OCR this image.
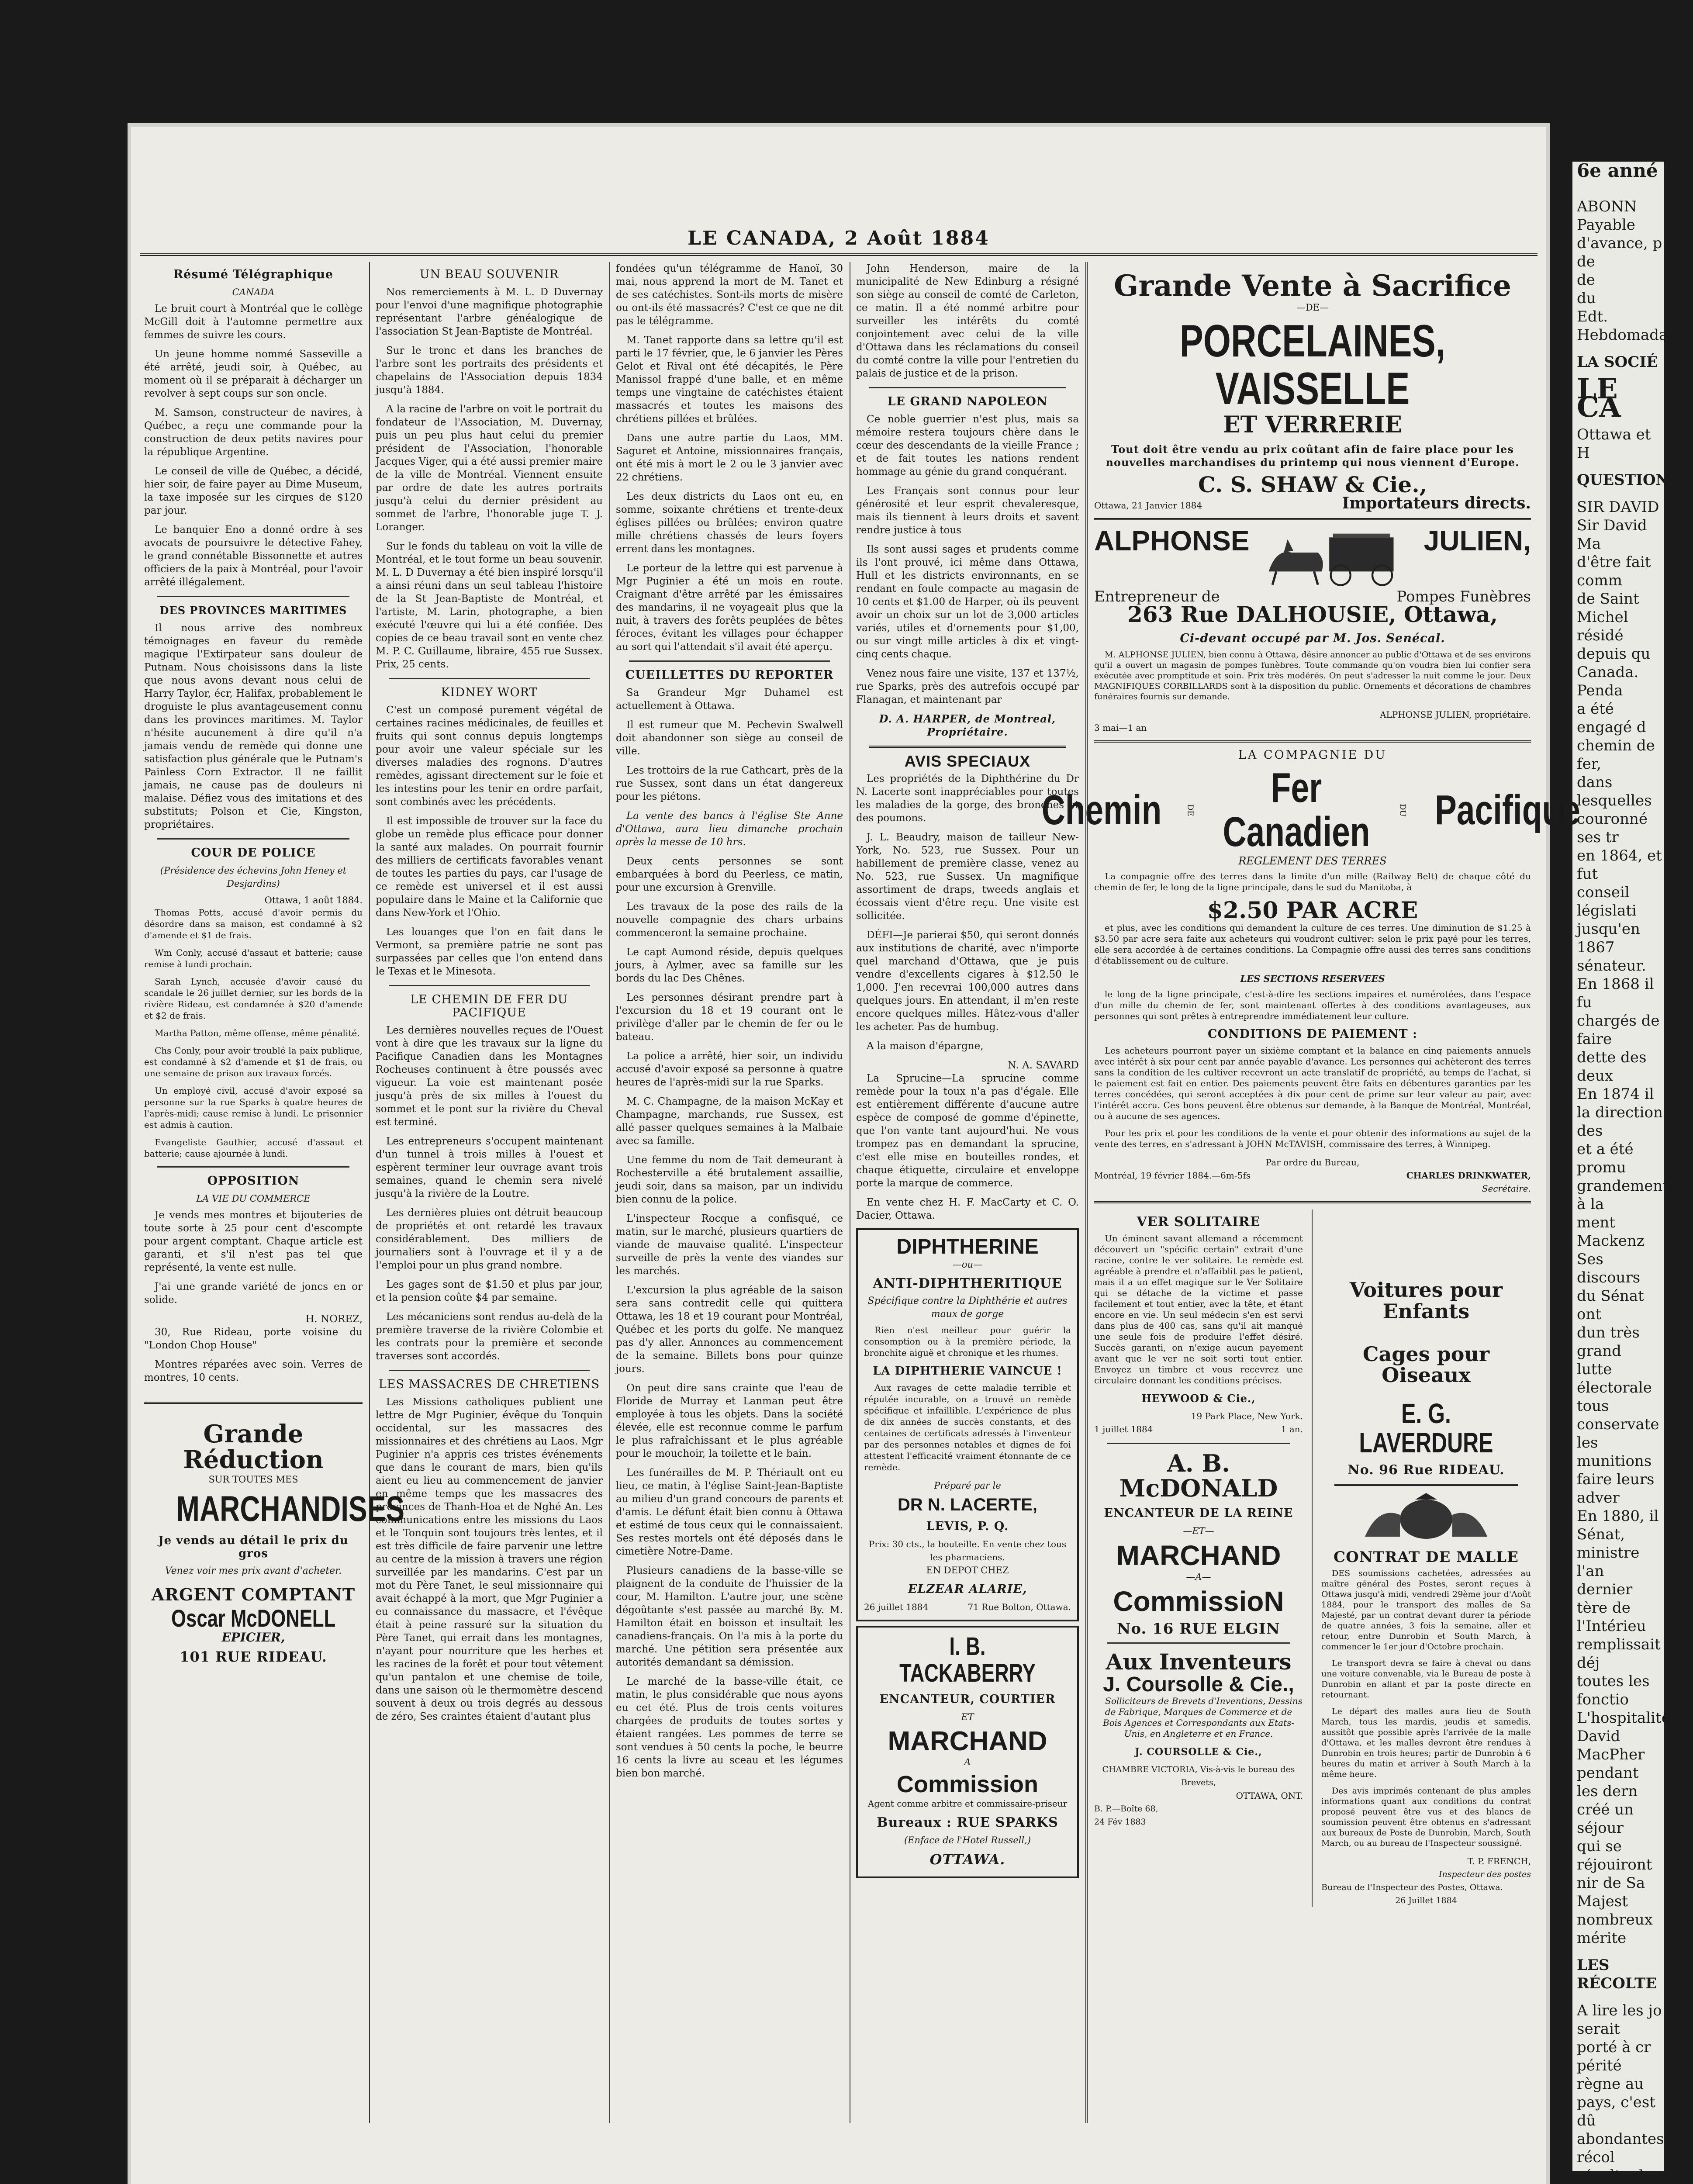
6e anné
ABONN
Payable d'avance, p
de
de
du
Edt. Hebdomadaire,
LA SOCIÉ
LE CA
Ottawa et H
QUESTION
SIR DAVID
Sir David Ma
d'être fait comm
de Saint Michel
résidé depuis qu
Canada. Penda
a été engagé d
chemin de fer,
dans lesquelles
couronné ses tr
en 1864, et fut
conseil législati
jusqu'en 1867
sénateur.
En 1868 il fu
chargés de faire
dette des deux
En 1874 il
la direction des
et a été promu
grandement à la
ment Mackenz
Ses discours
du Sénat ont
dun très grand
lutte électorale
tous conservate
les munitions
faire leurs adver
En 1880, il
Sénat, ministre
l'an dernier
tère de l'Intérieu
remplissait déj
toutes les fonctio
L'hospitalité
David MacPher
pendant les dern
créé un séjour
qui se réjouiront
nir de Sa Majest
nombreux mérite
LES RÉCOLTE
A lire les jo
serait porté à cr
périté règne au
pays, c'est dû
abondantes récol
récolte du
LE CANADA, 2 Août 1884
Résumé Télégraphique
CANADA

Le bruit court à Montréal que le collège McGill doit à l'automne permettre aux femmes de suivre les cours.

Un jeune homme nommé Sasseville a été arrêté, jeudi soir, à Québec, au moment où il se préparait à décharger un revolver à sept coups sur son oncle.

M. Samson, constructeur de navires, à Québec, a reçu une commande pour la construction de deux petits navires pour la république Argentine.

Le conseil de ville de Québec, a décidé, hier soir, de faire payer au Dime Museum, la taxe imposée sur les cirques de $120 par jour.

Le banquier Eno a donné ordre à ses avocats de poursuivre le détective Fahey, le grand connétable Bissonnette et autres officiers de la paix à Montréal, pour l'avoir arrêté illégalement.

DES PROVINCES MARITIMES

Il nous arrive des nombreux témoignages en faveur du remède magique l'Extirpateur sans douleur de Putnam. Nous choisissons dans la liste que nous avons devant nous celui de Harry Taylor, écr, Halifax, probablement le droguiste le plus avantageusement connu dans les provinces maritimes. M. Taylor n'hésite aucunement à dire qu'il n'a jamais vendu de remède qui donne une satisfaction plus générale que le Putnam's Painless Corn Extractor. Il ne faillit jamais, ne cause pas de douleurs ni malaise. Défiez vous des imitations et des substituts; Polson et Cie, Kingston, propriétaires.

COUR DE POLICE
(Présidence des échevins John Heney et Desjardins)
Ottawa, 1 août 1884.

Thomas Potts, accusé d'avoir permis du désordre dans sa maison, est condamné à $2 d'amende et $1 de frais.

Wm Conly, accusé d'assaut et batterie; cause remise à lundi prochain.

Sarah Lynch, accusée d'avoir causé du scandale le 26 juillet dernier, sur les bords de la rivière Rideau, est condamnée à $20 d'amende et $2 de frais.

Martha Patton, même offense, même pénalité.

Chs Conly, pour avoir troublé la paix publique, est condamné à $2 d'amende et $1 de frais, ou une semaine de prison aux travaux forcés.

Un employé civil, accusé d'avoir exposé sa personne sur la rue Sparks à quatre heures de l'après-midi; cause remise à lundi. Le prisonnier est admis à caution.

Evangeliste Gauthier, accusé d'assaut et batterie; cause ajournée à lundi.

OPPOSITION
LA VIE DU COMMERCE

Je vends mes montres et bijouteries de toute sorte à 25 pour cent d'escompte pour argent comptant. Chaque article est garanti, et s'il n'est pas tel que représenté, la vente est nulle.

J'ai une grande variété de joncs en or solide.

H. NOREZ,

30, Rue Rideau, porte voisine du "London Chop House"

Montres réparées avec soin. Verres de montres, 10 cents.

Grande Réduction
SUR TOUTES MES
MARCHANDISES
Je vends au détail le prix du gros
Venez voir mes prix avant d'acheter.
ARGENT COMPTANT
Oscar McDONELL
EPICIER,
101 RUE RIDEAU.
UN BEAU SOUVENIR

Nos remerciements à M. L. D Duvernay pour l'envoi d'une magnifique photographie représentant l'arbre généalogique de l'association St Jean-Baptiste de Montréal.

Sur le tronc et dans les branches de l'arbre sont les portraits des présidents et chapelains de l'Association depuis 1834 jusqu'à 1884.

A la racine de l'arbre on voit le portrait du fondateur de l'Association, M. Duvernay, puis un peu plus haut celui du premier président de l'Association, l'honorable Jacques Viger, qui a été aussi premier maire de la ville de Montréal. Viennent ensuite par ordre de date les autres portraits jusqu'à celui du dernier président au sommet de l'arbre, l'honorable juge T. J. Loranger.

Sur le fonds du tableau on voit la ville de Montréal, et le tout forme un beau souvenir. M. L. D Duvernay a été bien inspiré lorsqu'il a ainsi réuni dans un seul tableau l'histoire de la St Jean-Baptiste de Montréal, et l'artiste, M. Larin, photographe, a bien exécuté l'œuvre qui lui a été confiée. Des copies de ce beau travail sont en vente chez M. P. C. Guillaume, libraire, 455 rue Sussex. Prix, 25 cents.

KIDNEY WORT

C'est un composé purement végétal de certaines racines médicinales, de feuilles et fruits qui sont connus depuis longtemps pour avoir une valeur spéciale sur les diverses maladies des rognons. D'autres remèdes, agissant directement sur le foie et les intestins pour les tenir en ordre parfait, sont combinés avec les précédents.

Il est impossible de trouver sur la face du globe un remède plus efficace pour donner la santé aux malades. On pourrait fournir des milliers de certificats favorables venant de toutes les parties du pays, car l'usage de ce remède est universel et il est aussi populaire dans le Maine et la Californie que dans New-York et l'Ohio.

Les louanges que l'on en fait dans le Vermont, sa première patrie ne sont pas surpassées par celles que l'on entend dans le Texas et le Minesota.

LE CHEMIN DE FER DU PACIFIQUE

Les dernières nouvelles reçues de l'Ouest vont à dire que les travaux sur la ligne du Pacifique Canadien dans les Montagnes Rocheuses continuent à être poussés avec vigueur. La voie est maintenant posée jusqu'à près de six milles à l'ouest du sommet et le pont sur la rivière du Cheval est terminé.

Les entrepreneurs s'occupent maintenant d'un tunnel à trois milles à l'ouest et espèrent terminer leur ouvrage avant trois semaines, quand le chemin sera nivelé jusqu'à la rivière de la Loutre.

Les dernières pluies ont détruit beaucoup de propriétés et ont retardé les travaux considérablement. Des milliers de journaliers sont à l'ouvrage et il y a de l'emploi pour un plus grand nombre.

Les gages sont de $1.50 et plus par jour, et la pension coûte $4 par semaine.

Les mécaniciens sont rendus au-delà de la première traverse de la rivière Colombie et les contrats pour la première et seconde traverses sont accordés.

LES MASSACRES DE CHRETIENS

Les Missions catholiques publient une lettre de Mgr Puginier, évêque du Tonquin occidental, sur les massacres des missionnaires et des chrétiens au Laos. Mgr Puginier n'a appris ces tristes événements que dans le courant de mars, bien qu'ils aient eu lieu au commencement de janvier en même temps que les massacres des provinces de Thanh-Hoa et de Nghé An. Les communications entre les missions du Laos et le Tonquin sont toujours très lentes, et il est très difficile de faire parvenir une lettre au centre de la mission à travers une région surveillée par les mandarins. C'est par un mot du Père Tanet, le seul missionnaire qui avait échappé à la mort, que Mgr Puginier a eu connaissance du massacre, et l'évêque était à peine rassuré sur la situation du Père Tanet, qui errait dans les montagnes, n'ayant pour nourriture que les herbes et les racines de la forêt et pour tout vêtement qu'un pantalon et une chemise de toile, dans une saison où le thermomètre descend souvent à deux ou trois degrés au dessous de zéro, Ses craintes étaient d'autant plus

fondées qu'un télégramme de Hanoï, 30 mai, nous apprend la mort de M. Tanet et de ses catéchistes. Sont-ils morts de misère ou ont-ils été massacrés? C'est ce que ne dit pas le télégramme.

M. Tanet rapporte dans sa lettre qu'il est parti le 17 février, que, le 6 janvier les Pères Gelot et Rival ont été décapités, le Père Manissol frappé d'une balle, et en même temps une vingtaine de catéchistes étaient massacrés et toutes les maisons des chrétiens pillées et brûlées.

Dans une autre partie du Laos, MM. Saguret et Antoine, missionnaires français, ont été mis à mort le 2 ou le 3 janvier avec 22 chrétiens.

Les deux districts du Laos ont eu, en somme, soixante chrétiens et trente-deux églises pillées ou brûlées; environ quatre mille chrétiens chassés de leurs foyers errent dans les montagnes.

Le porteur de la lettre qui est parvenue à Mgr Puginier a été un mois en route. Craignant d'être arrêté par les émissaires des mandarins, il ne voyageait plus que la nuit, à travers des forêts peuplées de bêtes féroces, évitant les villages pour échapper au sort qui l'attendait s'il avait été aperçu.

CUEILLETTES DU REPORTER

Sa Grandeur Mgr Duhamel est actuellement à Ottawa.

Il est rumeur que M. Pechevin Swalwell doit abandonner son siège au conseil de ville.

Les trottoirs de la rue Cathcart, près de la rue Sussex, sont dans un état dangereux pour les piétons.

La vente des bancs à l'église Ste Anne d'Ottawa, aura lieu dimanche prochain après la messe de 10 hrs.

Deux cents personnes se sont embarquées à bord du Peerless, ce matin, pour une excursion à Grenville.

Les travaux de la pose des rails de la nouvelle compagnie des chars urbains commenceront la semaine prochaine.

Le capt Aumond réside, depuis quelques jours, à Aylmer, avec sa famille sur les bords du lac Des Chênes.

Les personnes désirant prendre part à l'excursion du 18 et 19 courant ont le privilège d'aller par le chemin de fer ou le bateau.

La police a arrêté, hier soir, un individu accusé d'avoir exposé sa personne à quatre heures de l'après-midi sur la rue Sparks.

M. C. Champagne, de la maison McKay et Champagne, marchands, rue Sussex, est allé passer quelques semaines à la Malbaie avec sa famille.

Une femme du nom de Tait demeurant à Rochesterville a été brutalement assaillie, jeudi soir, dans sa maison, par un individu bien connu de la police.

L'inspecteur Rocque a confisqué, ce matin, sur le marché, plusieurs quartiers de viande de mauvaise qualité. L'inspecteur surveille de près la vente des viandes sur les marchés.

L'excursion la plus agréable de la saison sera sans contredit celle qui quittera Ottawa, les 18 et 19 courant pour Montréal, Québec et les ports du golfe. Ne manquez pas d'y aller. Annonces au commencement de la semaine. Billets bons pour quinze jours.

On peut dire sans crainte que l'eau de Floride de Murray et Lanman peut être employée à tous les objets. Dans la société élevée, elle est reconnue comme le parfum le plus rafraîchissant et le plus agréable pour le mouchoir, la toilette et le bain.

Les funérailles de M. P. Thériault ont eu lieu, ce matin, à l'église Saint-Jean-Baptiste au milieu d'un grand concours de parents et d'amis. Le défunt était bien connu à Ottawa et estimé de tous ceux qui le connaissaient. Ses restes mortels ont été déposés dans le cimetière Notre-Dame.

Plusieurs canadiens de la basse-ville se plaignent de la conduite de l'huissier de la cour, M. Hamilton. L'autre jour, une scène dégoûtante s'est passée au marché By. M. Hamilton était en boisson et insultait les canadiens-français. On l'a mis à la porte du marché. Une pétition sera présentée aux autorités demandant sa démission.

Le marché de la basse-ville était, ce matin, le plus considérable que nous ayons eu cet été. Plus de trois cents voitures chargées de produits de toutes sortes y étaient rangées. Les pommes de terre se sont vendues à 50 cents la poche, le beurre 16 cents la livre au sceau et les légumes bien bon marché.

John Henderson, maire de la municipalité de New Edinburg a résigné son siège au conseil de comté de Carleton, ce matin. Il a été nommé arbitre pour surveiller les intérêts du comté conjointement avec celui de la ville d'Ottawa dans les réclamations du conseil du comté contre la ville pour l'entretien du palais de justice et de la prison.

LE GRAND NAPOLEON

Ce noble guerrier n'est plus, mais sa mémoire restera toujours chère dans le cœur des descendants de la vieille France ; et de fait toutes les nations rendent hommage au génie du grand conquérant.

Les Français sont connus pour leur générosité et leur esprit chevaleresque, mais ils tiennent à leurs droits et savent rendre justice à tous

Ils sont aussi sages et prudents comme ils l'ont prouvé, ici même dans Ottawa, Hull et les districts environnants, en se rendant en foule compacte au magasin de 10 cents et $1.00 de Harper, où ils peuvent avoir un choix sur un lot de 3,000 articles variés, utiles et d'ornements pour $1,00, ou sur vingt mille articles à dix et vingt-cinq cents chaque.

Venez nous faire une visite, 137 et 137½, rue Sparks, près des autrefois occupé par Flanagan, et maintenant par

D. A. HARPER, de Montreal, Propriétaire.
AVIS SPECIAUX

Les propriétés de la Diphthérine du Dr N. Lacerte sont inappréciables pour toutes les maladies de la gorge, des bronches et des poumons.

J. L. Beaudry, maison de tailleur New-York, No. 523, rue Sussex. Pour un habillement de première classe, venez au No. 523, rue Sussex. Un magnifique assortiment de draps, tweeds anglais et écossais vient d'être reçu. Une visite est sollicitée.

DÉFI—Je parierai $50, qui seront donnés aux institutions de charité, avec n'importe quel marchand d'Ottawa, que je puis vendre d'excellents cigares à $12.50 le 1,000. J'en recevrai 100,000 autres dans quelques jours. En attendant, il m'en reste encore quelques milles. Hâtez-vous d'aller les acheter. Pas de humbug.

A la maison d'épargne,

N. A. SAVARD

La Sprucine—La sprucine comme remède pour la toux n'a pas d'égale. Elle est entièrement différente d'aucune autre espèce de composé de gomme d'épinette, que l'on vante tant aujourd'hui. Ne vous trompez pas en demandant la sprucine, c'est elle mise en bouteilles rondes, et chaque étiquette, circulaire et enveloppe porte la marque de commerce.

En vente chez H. F. MacCarty et C. O. Dacier, Ottawa.

DIPHTHERINE
—ou—
ANTI-DIPHTHERITIQUE
Spécifique contre la Diphthérie et autres maux de gorge

Rien n'est meilleur pour guérir la consomption ou à la première période, la bronchite aiguë et chronique et les rhumes.

LA DIPHTHERIE VAINCUE !

Aux ravages de cette maladie terrible et réputée incurable, on a trouvé un remède spécifique et infaillible. L'expérience de plus de dix années de succès constants, et des centaines de certificats adressés à l'inventeur par des personnes notables et dignes de foi attestent l'efficacité vraiment étonnante de ce remède.

Préparé par le
DR N. LACERTE,
LEVIS, P. Q.
Prix: 30 cts., la bouteille. En vente chez tous les pharmaciens.
EN DEPOT CHEZ
ELZEAR ALARIE,
26 juillet 1884	71 Rue Bolton, Ottawa.
I. B. TACKABERRY
ENCANTEUR, COURTIER
ET
MARCHAND
A
Commission
Agent comme arbitre et commissaire-priseur
Bureaux : RUE SPARKS
(Enface de l'Hotel Russell,)
OTTAWA.
Grande Vente à Sacrifice
—DE—
PORCELAINES, VAISSELLE
ET VERRERIE
Tout doit être vendu au prix coûtant afin de faire place pour les nouvelles marchandises du printemp qui nous viennent d'Europe.
C. S. SHAW & Cie.,
Ottawa, 21 Janvier 1884	Importateurs directs.
ALPHONSE	JULIEN,
Entrepreneur de	Pompes Funèbres
263 Rue DALHOUSIE, Ottawa,
Ci-devant occupé par M. Jos. Senécal.

M. ALPHONSE JULIEN, bien connu à Ottawa, désire annoncer au public d'Ottawa et de ses environs qu'il a ouvert un magasin de pompes funèbres. Toute commande qu'on voudra bien lui confier sera exécutée avec promptitude et soin. Prix très modérés. On peut s'adresser la nuit comme le jour. Deux MAGNIFIQUES CORBILLARDS sont à la disposition du public. Ornements et décorations de chambres funéraires fournis sur demande.

ALPHONSE JULIEN, propriétaire.
3 mai—1 an
LA COMPAGNIE DU
Chemin	DE	Fer Canadien	DU Pacifique
REGLEMENT DES TERRES

La compagnie offre des terres dans la limite d'un mille (Railway Belt) de chaque côté du chemin de fer, le long de la ligne principale, dans le sud du Manitoba, à

$2.50 PAR ACRE

et plus, avec les conditions qui demandent la culture de ces terres. Une diminution de $1.25 à $3.50 par acre sera faite aux acheteurs qui voudront cultiver: selon le prix payé pour les terres, elle sera accordée à de certaines conditions. La Compagnie offre aussi des terres sans conditions d'établissement ou de culture.

LES SECTIONS RESERVEES

le long de la ligne principale, c'est-à-dire les sections impaires et numérotées, dans l'espace d'un mille du chemin de fer, sont maintenant offertes à des conditions avantageuses, aux personnes qui sont prêtes à entreprendre immédiatement leur culture.

CONDITIONS DE PAIEMENT :

Les acheteurs pourront payer un sixième comptant et la balance en cinq paiements annuels avec intérêt à six pour cent par année payable d'avance. Les personnes qui achèteront des terres sans la condition de les cultiver recevront un acte translatif de propriété, au temps de l'achat, si le paiement est fait en entier. Des paiements peuvent être faits en débentures garanties par les terres concédées, qui seront acceptées à dix pour cent de prime sur leur valeur au pair, avec l'intérêt accru. Ces bons peuvent être obtenus sur demande, à la Banque de Montréal, Montréal, ou à aucune de ses agences.

Pour les prix et pour les conditions de la vente et pour obtenir des informations au sujet de la vente des terres, en s'adressant à JOHN McTAVISH, commissaire des terres, à Winnipeg.

Par ordre du Bureau,
Montréal, 19 février 1884.—6m-5fs	CHARLES DRINKWATER,
Secrétaire.
VER SOLITAIRE

Un éminent savant allemand a récemment découvert un "spécific certain" extrait d'une racine, contre le ver solitaire. Le remède est agréable à prendre et n'affaiblit pas le patient, mais il a un effet magique sur le Ver Solitaire qui se détache de la victime et passe facilement et tout entier, avec la tête, et étant encore en vie. Un seul médecin s'en est servi dans plus de 400 cas, sans qu'il ait manqué une seule fois de produire l'effet désiré. Succès garanti, on n'exige aucun payement avant que le ver ne soit sorti tout entier. Envoyez un timbre et vous recevrez une circulaire donnant les conditions précises.

HEYWOOD & Cie.,
19 Park Place, New York.
1 juillet 1884	1 an.
A. B. McDONALD
ENCANTEUR DE LA REINE
—ET—
MARCHAND
—A—
CommissioN
No. 16 RUE ELGIN
Aux Inventeurs
J. Coursolle & Cie.,

Solliciteurs de Brevets d'Inventions, Dessins de Fabrique, Marques de Commerce et de Bois Agences et Correspondants aux Etats-Unis, en Angleterre et en France.

J. COURSOLLE & Cie.,
CHAMBRE VICTORIA, Vis-à-vis le bureau des Brevets,
OTTAWA, ONT.
B. P.—Boîte 68,
24 Fév 1883
Voitures pour Enfants
Cages pour Oiseaux
E. G. LAVERDURE
No. 96 Rue RIDEAU.
CONTRAT DE MALLE

DES soumissions cachetées, adressées au maître général des Postes, seront reçues à Ottawa jusqu'à midi, vendredi 29ème jour d'Août 1884, pour le transport des malles de Sa Majesté, par un contrat devant durer la période de quatre années, 3 fois la semaine, aller et retour, entre Dunrobin et South March, à commencer le 1er jour d'Octobre prochain.

Le transport devra se faire à cheval ou dans une voiture convenable, via le Bureau de poste à Dunrobin en allant et par la poste directe en retournant.

Le départ des malles aura lieu de South March, tous les mardis, jeudis et samedis, aussitôt que possible après l'arrivée de la malle d'Ottawa, et les malles devront être rendues à Dunrobin en trois heures; partir de Dunrobin à 6 heures du matin et arriver à South March à la même heure.

Des avis imprimés contenant de plus amples informations quant aux conditions du contrat proposé peuvent être vus et des blancs de soumission peuvent être obtenus en s'adressant aux bureaux de Poste de Dunrobin, March, South March, ou au bureau de l'Inspecteur soussigné.

T. P. FRENCH,
Inspecteur des postes
Bureau de l'Inspecteur des Postes, Ottawa.
26 Juillet 1884
